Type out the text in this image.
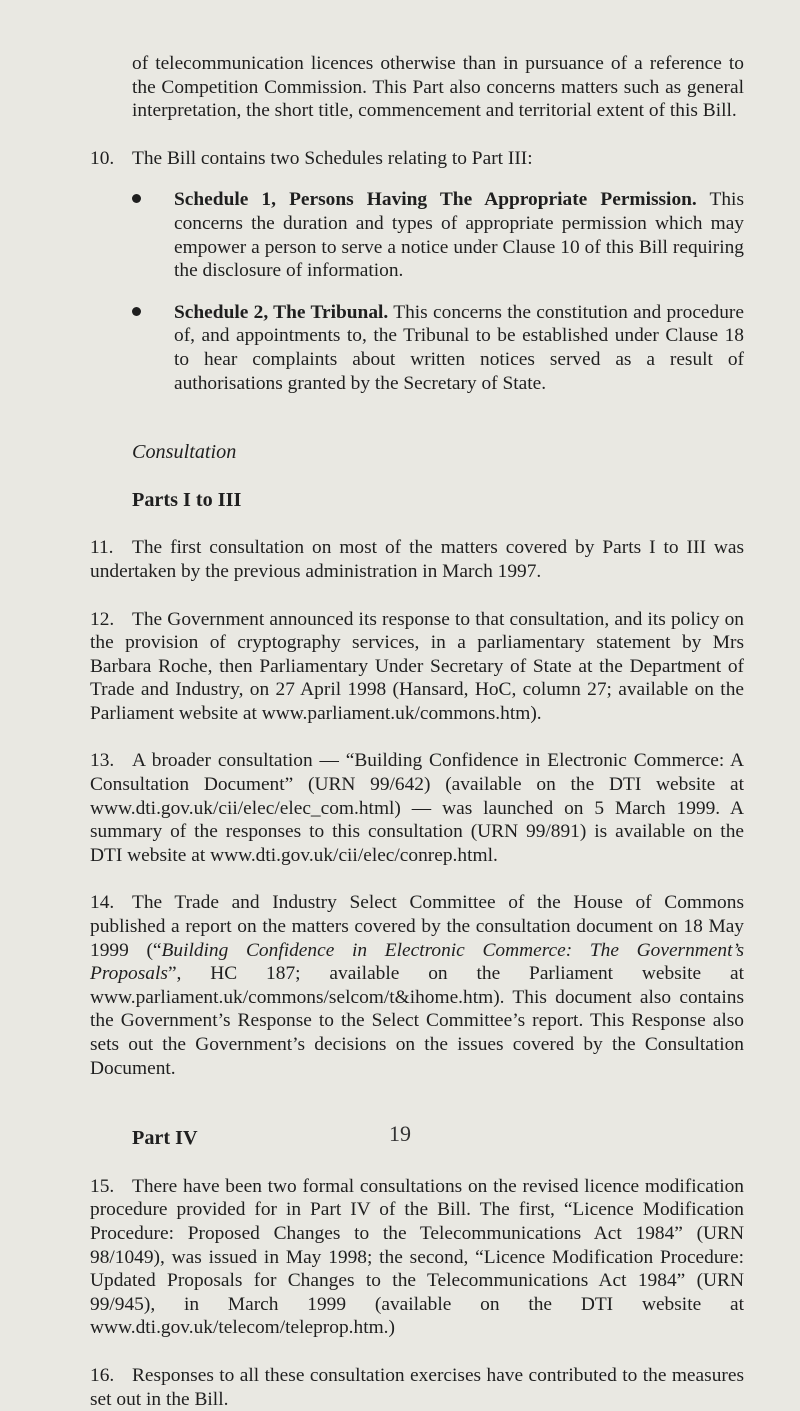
of telecommunication licences otherwise than in pursuance of a reference to the Competition Commission. This Part also concerns matters such as general interpretation, the short title, commencement and territorial extent of this Bill.

10. The Bill contains two Schedules relating to Part III:

Schedule 1, Persons Having The Appropriate Permission. This concerns the duration and types of appropriate permission which may empower a person to serve a notice under Clause 10 of this Bill requiring the disclosure of information.
Schedule 2, The Tribunal. This concerns the constitution and procedure of, and appointments to, the Tribunal to be established under Clause 18 to hear complaints about written notices served as a result of authorisations granted by the Secretary of State.

Consultation

Parts I to III

11. The first consultation on most of the matters covered by Parts I to III was undertaken by the previous administration in March 1997.

12. The Government announced its response to that consultation, and its policy on the provision of cryptography services, in a parliamentary statement by Mrs Barbara Roche, then Parliamentary Under Secretary of State at the Department of Trade and Industry, on 27 April 1998 (Hansard, HoC, column 27; available on the Parliament website at www.parliament.uk/commons.htm).

13. A broader consultation — “Building Confidence in Electronic Commerce: A Consultation Document” (URN 99/642) (available on the DTI website at www.dti.gov.uk/cii/elec/elec_com.html) — was launched on 5 March 1999. A summary of the responses to this consultation (URN 99/891) is available on the DTI website at www.dti.gov.uk/cii/elec/conrep.html.

14. The Trade and Industry Select Committee of the House of Commons published a report on the matters covered by the consultation document on 18 May 1999 (“Building Confidence in Electronic Commerce: The Government’s Proposals”, HC 187; available on the Parliament website at www.parliament.uk/commons/selcom/t&ihome.htm). This document also contains the Government’s Response to the Select Committee’s report. This Response also sets out the Government’s decisions on the issues covered by the Consultation Document.

Part IV

15. There have been two formal consultations on the revised licence modification procedure provided for in Part IV of the Bill. The first, “Licence Modification Procedure: Proposed Changes to the Telecommunications Act 1984” (URN 98/1049), was issued in May 1998; the second, “Licence Modification Procedure: Updated Proposals for Changes to the Telecommunications Act 1984” (URN 99/945), in March 1999 (available on the DTI website at www.dti.gov.uk/telecom/teleprop.htm.)

16. Responses to all these consultation exercises have contributed to the measures set out in the Bill.

19
